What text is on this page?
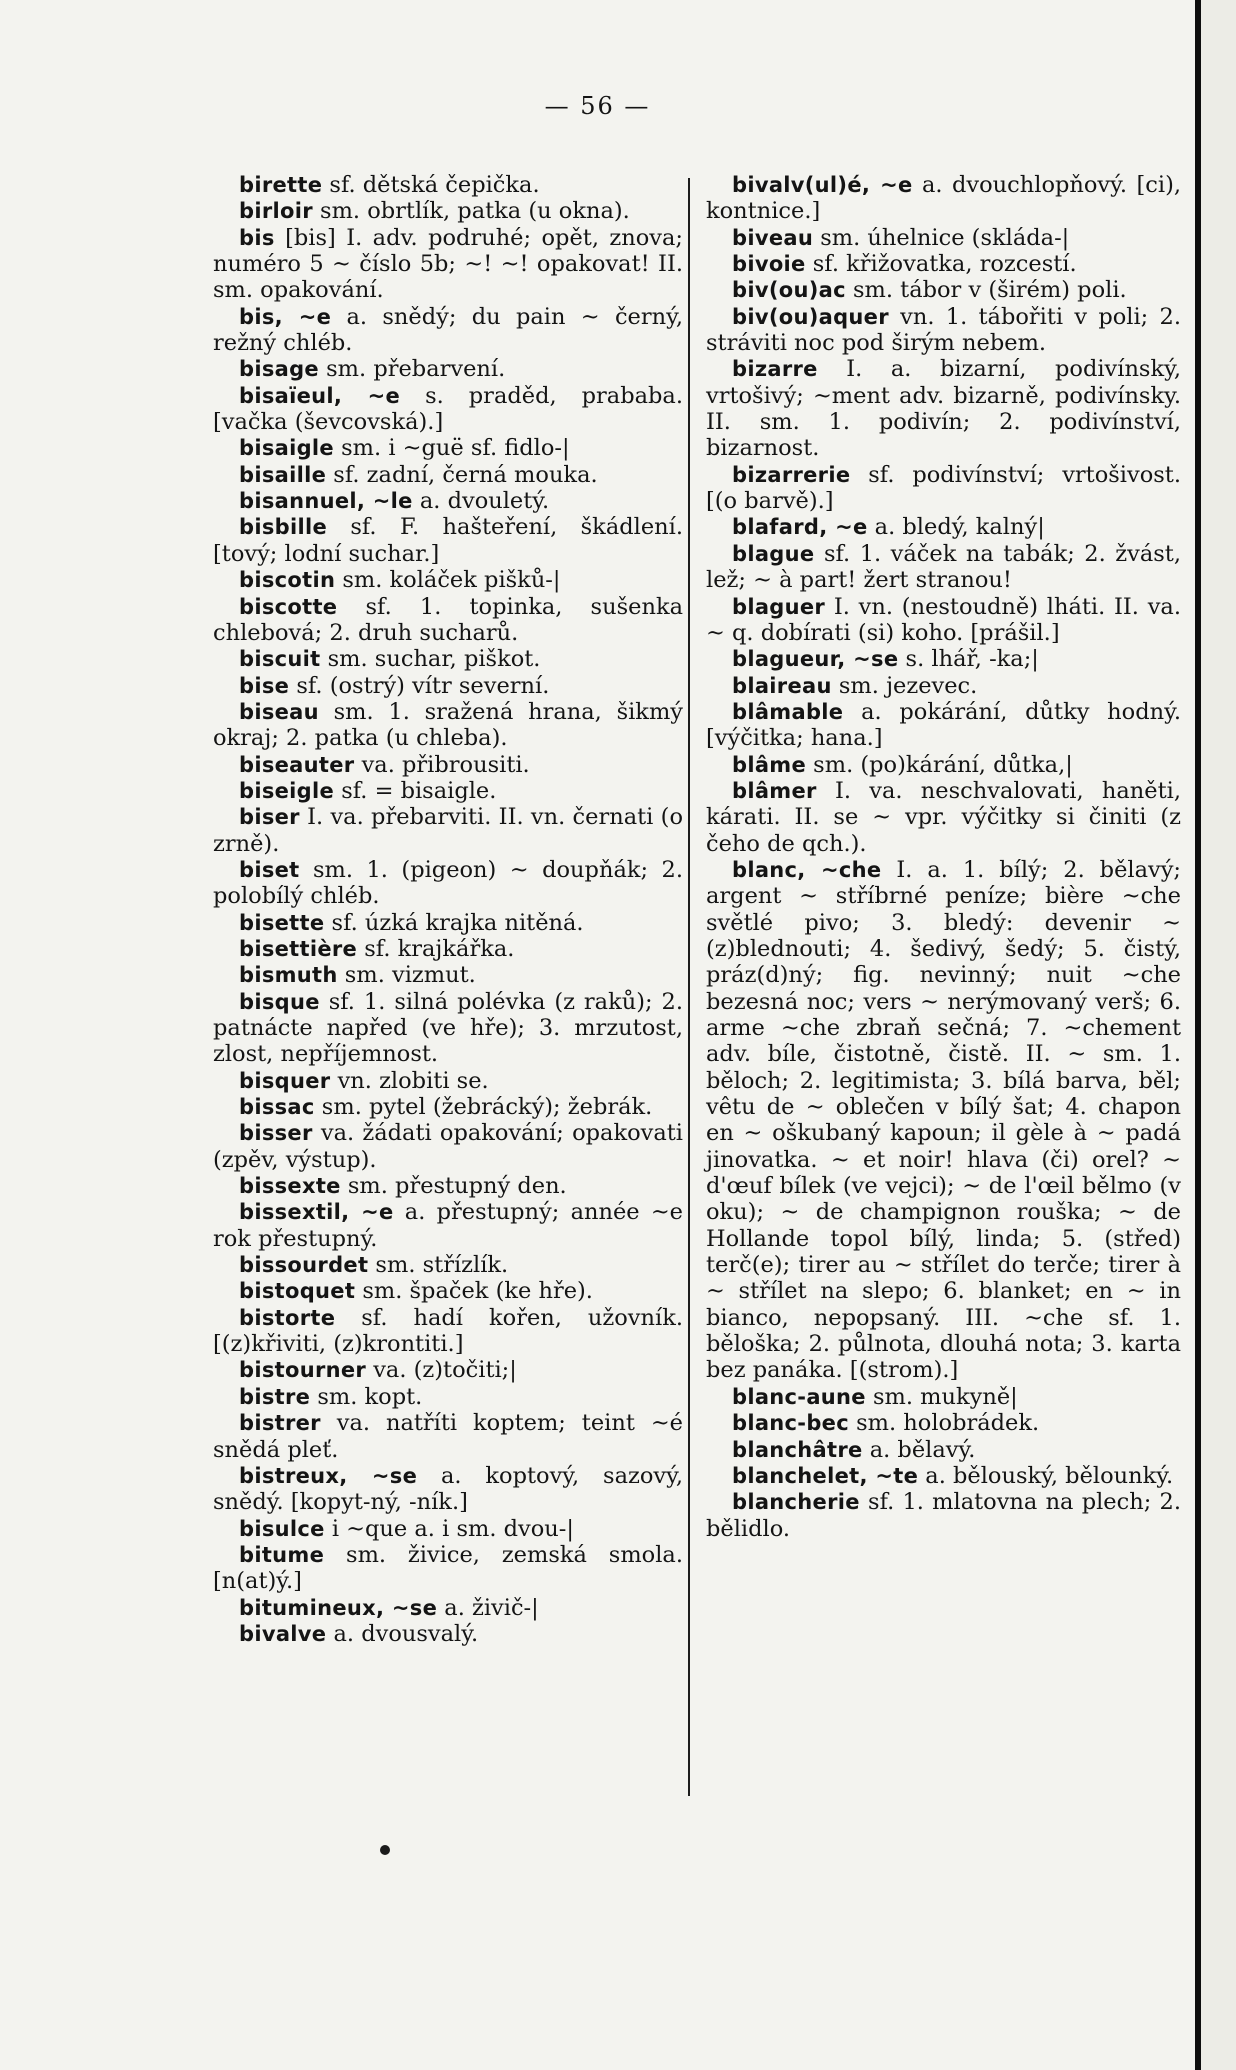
— 56 —
birette sf. dětská čepička.
birloir sm. obrtlík, patka (u okna).
bis [bis] I. adv. podruhé; opět, znova; numéro 5 ~ číslo 5b; ~! ~! opakovat! II. sm. opakování.
bis, ~e a. snědý; du pain ~ černý, režný chléb.
bisage sm. přebarvení.
bisaïeul, ~e s. praděd, prababa. [vačka (ševcovská).]
bisaigle sm. i ~guë sf. fidlo-|
bisaille sf. zadní, černá mouka.
bisannuel, ~le a. dvouletý.
bisbille sf. F. hašteření, škádlení. [tový; lodní suchar.]
biscotin sm. koláček pišků-|
biscotte sf. 1. topinka, sušenka chlebová; 2. druh sucharů.
biscuit sm. suchar, piškot.
bise sf. (ostrý) vítr severní.
biseau sm. 1. sražená hrana, šikmý okraj; 2. patka (u chleba).
biseauter va. přibrousiti.
biseigle sf. = bisaigle.
biser I. va. přebarviti. II. vn. černati (o zrně).
biset sm. 1. (pigeon) ~ doupňák; 2. polobílý chléb.
bisette sf. úzká krajka nitěná.
bisettière sf. krajkářka.
bismuth sm. vizmut.
bisque sf. 1. silná polévka (z raků); 2. patnácte napřed (ve hře); 3. mrzutost, zlost, nepříjemnost.
bisquer vn. zlobiti se.
bissac sm. pytel (žebrácký); žebrák.
bisser va. žádati opakování; opakovati (zpěv, výstup).
bissexte sm. přestupný den.
bissextil, ~e a. přestupný; année ~e rok přestupný.
bissourdet sm. střízlík.
bistoquet sm. špaček (ke hře).
bistorte sf. hadí kořen, užovník. [(z)křiviti, (z)krontiti.]
bistourner va. (z)točiti;|
bistre sm. kopt.
bistrer va. natříti koptem; teint ~é snědá pleť.
bistreux, ~se a. koptový, sazový, snědý. [kopyt-ný, -ník.]
bisulce i ~que a. i sm. dvou-|
bitume sm. živice, zemská smola. [n(at)ý.]
bitumineux, ~se a. živič-|
bivalve a. dvousvalý.
bivalv(ul)é, ~e a. dvouchlopňový. [ci), kontnice.]
biveau sm. úhelnice (skláda-|
bivoie sf. křižovatka, rozcestí.
biv(ou)ac sm. tábor v (širém) poli.
biv(ou)aquer vn. 1. tábořiti v poli; 2. stráviti noc pod širým nebem.
bizarre I. a. bizarní, podivínský, vrtošivý; ~ment adv. bizarně, podivínsky. II. sm. 1. podivín; 2. podivínství, bizarnost.
bizarrerie sf. podivínství; vrtošivost. [(o barvě).]
blafard, ~e a. bledý, kalný|
blague sf. 1. váček na tabák; 2. žvást, lež; ~ à part! žert stranou!
blaguer I. vn. (nestoudně) lháti. II. va. ~ q. dobírati (si) koho. [prášil.]
blagueur, ~se s. lhář, -ka;|
blaireau sm. jezevec.
blâmable a. pokárání, důtky hodný. [výčitka; hana.]
blâme sm. (po)kárání, důtka,|
blâmer I. va. neschvalovati, haněti, kárati. II. se ~ vpr. výčitky si činiti (z čeho de qch.).
blanc, ~che I. a. 1. bílý; 2. bělavý; argent ~ stříbrné peníze; bière ~che světlé pivo; 3. bledý: devenir ~ (z)blednouti; 4. šedivý, šedý; 5. čistý, práz(d)ný; fig. nevinný; nuit ~che bezesná noc; vers ~ nerýmovaný verš; 6. arme ~che zbraň sečná; 7. ~chement adv. bíle, čistotně, čistě. II. ~ sm. 1. běloch; 2. legitimista; 3. bílá barva, běl; vêtu de ~ oblečen v bílý šat; 4. chapon en ~ oškubaný kapoun; il gèle à ~ padá jinovatka. ~ et noir! hlava (či) orel? ~ d'œuf bílek (ve vejci); ~ de l'œil bělmo (v oku); ~ de champignon rouška; ~ de Hollande topol bílý, linda; 5. (střed) terč(e); tirer au ~ střílet do terče; tirer à ~ střílet na slepo; 6. blanket; en ~ in bianco, nepopsaný. III. ~che sf. 1. běloška; 2. půlnota, dlouhá nota; 3. karta bez panáka. [(strom).]
blanc-aune sm. mukyně|
blanc-bec sm. holobrádek.
blanchâtre a. bělavý.
blanchelet, ~te a. bělouský, bělounký.
blancherie sf. 1. mlatovna na plech; 2. bělidlo.
